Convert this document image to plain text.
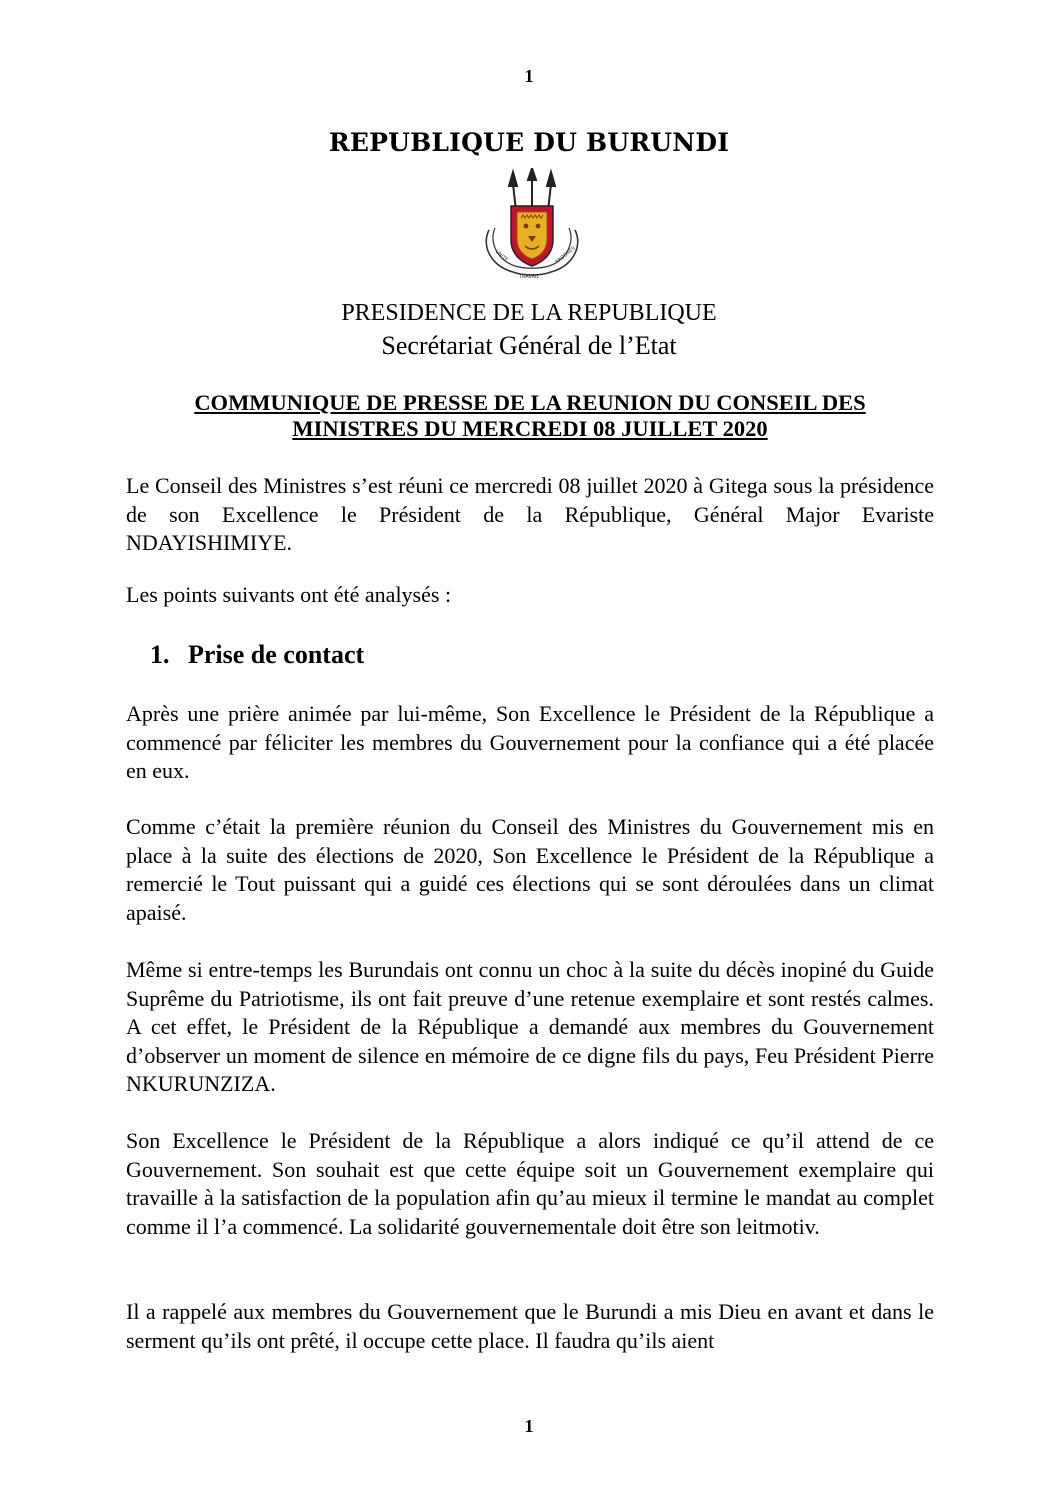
1
REPUBLIQUE DU BURUNDI
UNITE
TRAVAIL
PROGRES
PRESIDENCE DE LA REPUBLIQUE
Secrétariat Général de l’Etat
COMMUNIQUE DE PRESSE DE LA REUNION DU CONSEIL DES
MINISTRES DU MERCREDI 08 JUILLET 2020

Le Conseil des Ministres s’est réuni ce mercredi 08 juillet 2020 à Gitega sous la présidence de son Excellence le Président de la République, Général Major Evariste NDAYISHIMIYE.

Les points suivants ont été analysés :

1. Prise de contact

Après une prière animée par lui-même, Son Excellence le Président de la République a commencé par féliciter les membres du Gouvernement pour la confiance qui a été placée en eux.

Comme c’était la première réunion du Conseil des Ministres du Gouvernement mis en place à la suite des élections de 2020, Son Excellence le Président de la République a remercié le Tout puissant qui a guidé ces élections qui se sont déroulées dans un climat apaisé.

Même si entre-temps les Burundais ont connu un choc à la suite du décès inopiné du Guide Suprême du Patriotisme, ils ont fait preuve d’une retenue exemplaire et sont restés calmes. A cet effet, le Président de la République a demandé aux membres du Gouvernement d’observer un moment de silence en mémoire de ce digne fils du pays, Feu Président Pierre NKURUNZIZA.

Son Excellence le Président de la République a alors indiqué ce qu’il attend de ce Gouvernement. Son souhait est que cette équipe soit un Gouvernement exemplaire qui travaille à la satisfaction de la population afin qu’au mieux il termine le mandat au complet comme il l’a commencé. La solidarité gouvernementale doit être son leitmotiv.

Il a rappelé aux membres du Gouvernement que le Burundi a mis Dieu en avant et dans le serment qu’ils ont prêté, il occupe cette place. Il faudra qu’ils aient

1
